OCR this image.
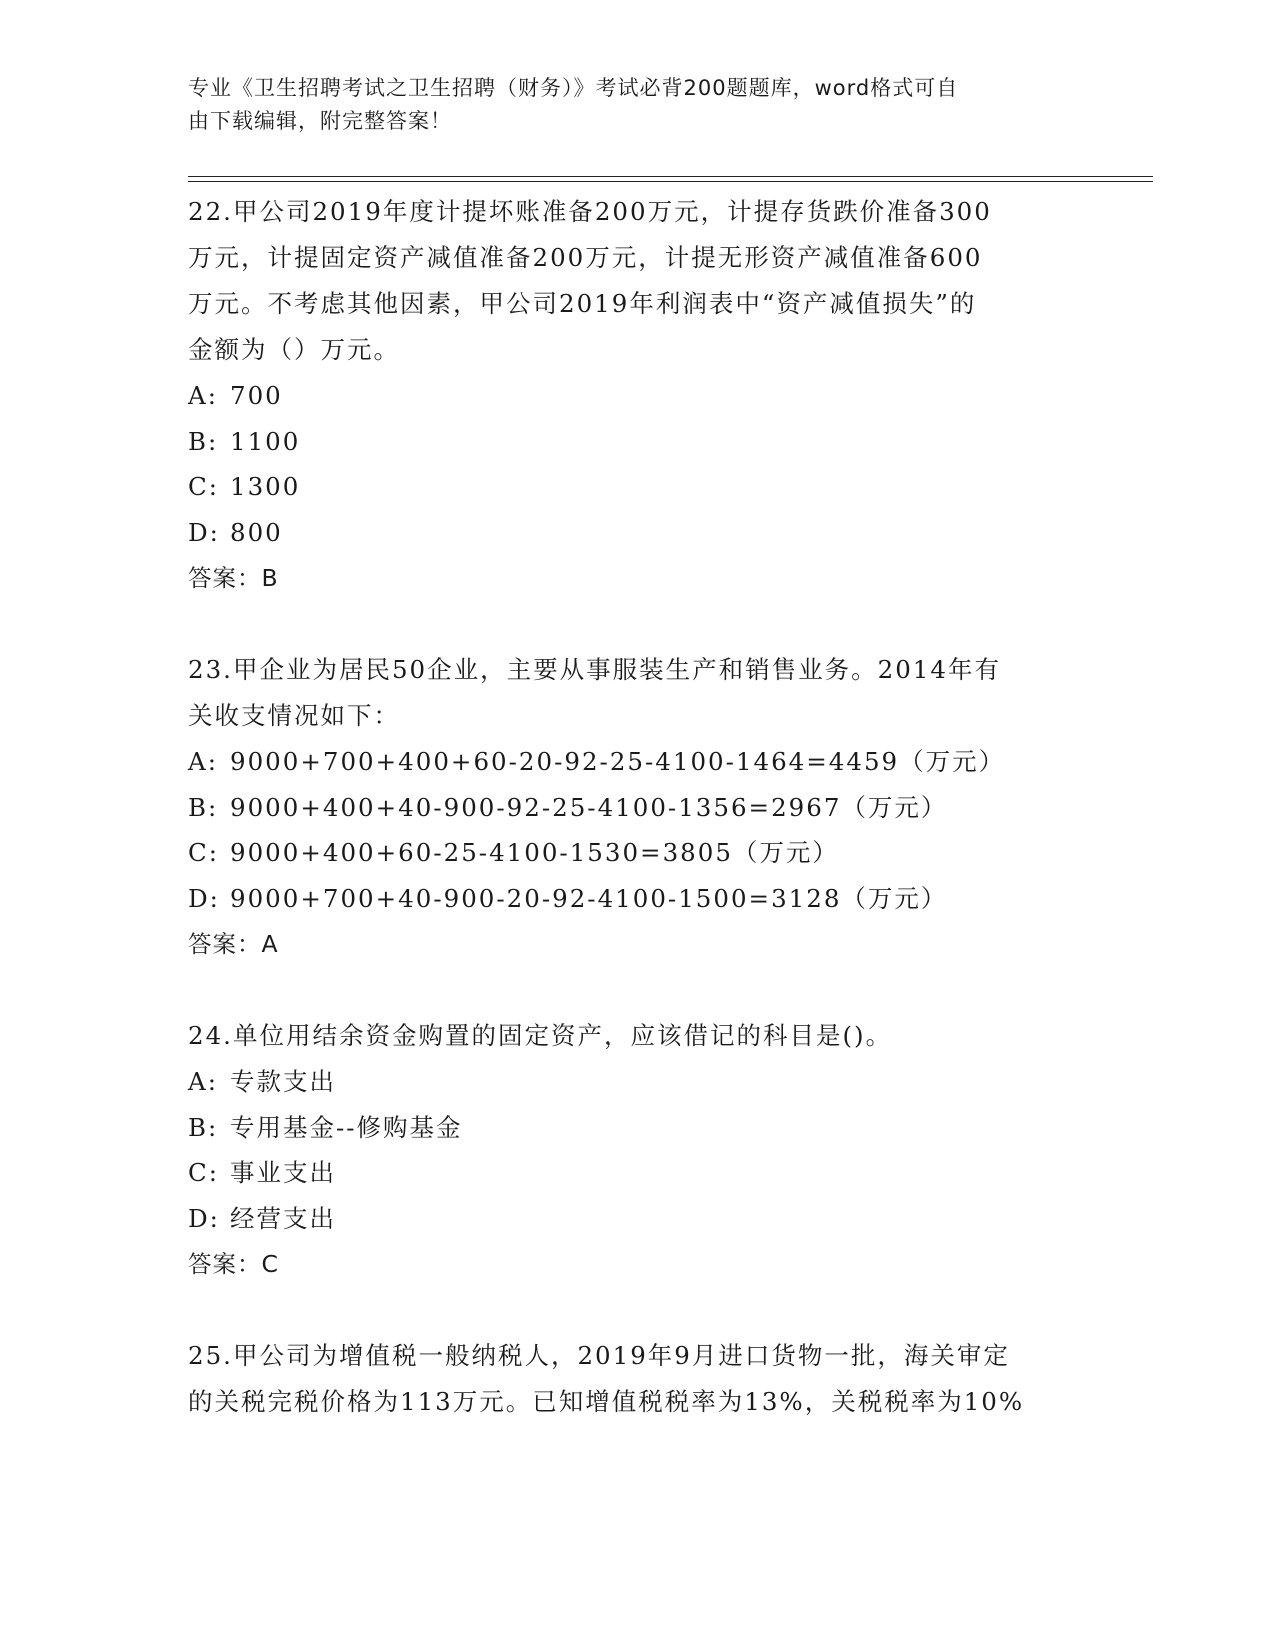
专业《卫生招聘考试之卫生招聘（财务）》考试必背200题题库，word格式可自
由下载编辑，附完整答案！
22.甲公司2019年度计提坏账准备200万元，计提存货跌价准备300
万元，计提固定资产减值准备200万元，计提无形资产减值准备600
万元。不考虑其他因素，甲公司2019年利润表中“资产减值损失”的
金额为（）万元。
A: 700
B: 1100
C: 1300
D: 800
答案：B
23.甲企业为居民50企业，主要从事服装生产和销售业务。2014年有
关收支情况如下：
A: 9000+700+400+60-20-92-25-4100-1464=4459（万元）
B: 9000+400+40-900-92-25-4100-1356=2967（万元）
C: 9000+400+60-25-4100-1530=3805（万元）
D: 9000+700+40-900-20-92-4100-1500=3128（万元）
答案：A
24.单位用结余资金购置的固定资产，应该借记的科目是()。
A: 专款支出
B: 专用基金--修购基金
C: 事业支出
D: 经营支出
答案：C
25.甲公司为增值税一般纳税人，2019年9月进口货物一批，海关审定
的关税完税价格为113万元。已知增值税税率为13%，关税税率为10%
